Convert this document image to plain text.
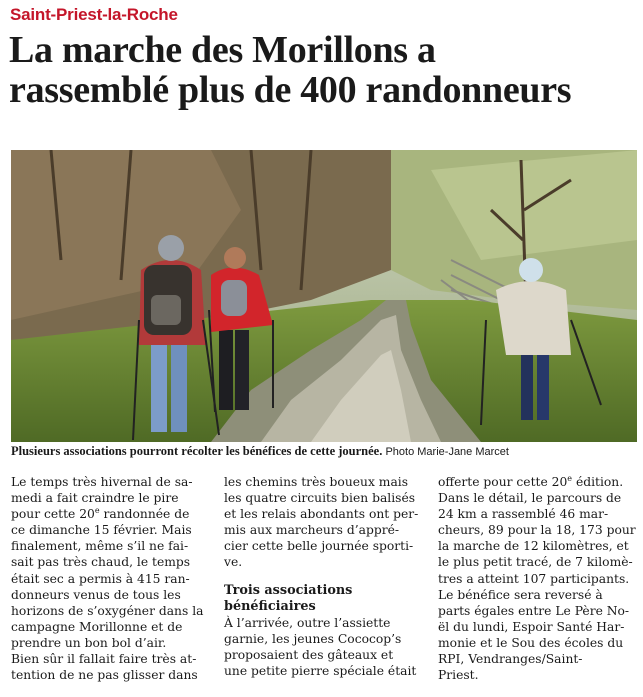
Saint-Priest-la-Roche
La marche des Morillons a
rassemblé plus de 400 randonneurs
Plusieurs associations pourront récolter les bénéfices de cette journée. Photo Marie-Jane Marcet

Le temps très hivernal de sa-

medi a fait craindre le pire

pour cette 20e randonnée de

ce dimanche 15 février. Mais

finalement, même s’il ne fai-

sait pas très chaud, le temps

était sec a permis à 415 ran-

donneurs venus de tous les

horizons de s’oxygéner dans la

campagne Morillonne et de

prendre un bon bol d’air.

Bien sûr il fallait faire très at-

tention de ne pas glisser dans

les chemins très boueux mais

les quatre circuits bien balisés

et les relais abondants ont per-

mis aux marcheurs d’appré-

cier cette belle journée sporti-

ve.

Trois associations
bénéficiaires

À l’arrivée, outre l’assiette

garnie, les jeunes Cococop’s

proposaient des gâteaux et

une petite pierre spéciale était

offerte pour cette 20e édition.

Dans le détail, le parcours de

24 km a rassemblé 46 mar-

cheurs, 89 pour la 18, 173 pour

la marche de 12 kilomètres, et

le plus petit tracé, de 7 kilomè-

tres a atteint 107 participants.

Le bénéfice sera reversé à

parts égales entre Le Père No-

ël du lundi, Espoir Santé Har-

monie et le Sou des écoles du

RPI, Vendranges/Saint-

Priest.
